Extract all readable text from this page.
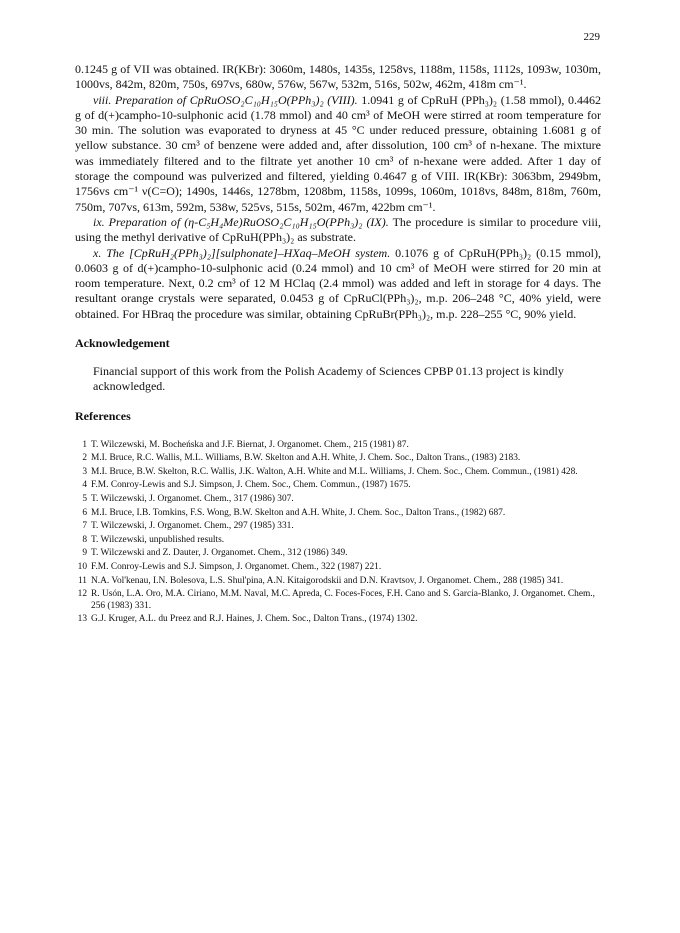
229

0.1245 g of VII was obtained. IR(KBr): 3060m, 1480s, 1435s, 1258vs, 1188m, 1158s, 1112s, 1093w, 1030m, 1000vs, 842m, 820m, 750s, 697vs, 680w, 576w, 567w, 532m, 516s, 502w, 462m, 418m cm⁻¹.

viii. Preparation of CpRuOSO₂C₁₀H₁₅O(PPh₃)₂ (VIII). 1.0941 g of CpRuH (PPh₃)₂ (1.58 mmol), 0.4462 g of d(+)campho-10-sulphonic acid (1.78 mmol) and 40 cm³ of MeOH were stirred at room temperature for 30 min. The solution was evaporated to dryness at 45 °C under reduced pressure, obtaining 1.6081 g of yellow substance. 30 cm³ of benzene were added and, after dissolution, 100 cm³ of n-hexane. The mixture was immediately filtered and to the filtrate yet another 10 cm³ of n-hexane were added. After 1 day of storage the compound was pulverized and filtered, yielding 0.4647 g of VIII. IR(KBr): 3063bm, 2949bm, 1756vs cm⁻¹ ν(C=O); 1490s, 1446s, 1278bm, 1208bm, 1158s, 1099s, 1060m, 1018vs, 848m, 818m, 760m, 750m, 707vs, 613m, 592m, 538w, 525vs, 515s, 502m, 467m, 422bm cm⁻¹.

ix. Preparation of (η-C₅H₄Me)RuOSO₂C₁₀H₁₅O(PPh₃)₂ (IX). The procedure is similar to procedure viii, using the methyl derivative of CpRuH(PPh₃)₂ as substrate.

x. The [CpRuH₂(PPh₃)₂][sulphonate]–HXaq–MeOH system. 0.1076 g of CpRuH(PPh₃)₂ (0.15 mmol), 0.0603 g of d(+)campho-10-sulphonic acid (0.24 mmol) and 10 cm³ of MeOH were stirred for 20 min at room temperature. Next, 0.2 cm³ of 12 M HClaq (2.4 mmol) was added and left in storage for 4 days. The resultant orange crystals were separated, 0.0453 g of CpRuCl(PPh₃)₂, m.p. 206–248 °C, 40% yield, were obtained. For HBraq the procedure was similar, obtaining CpRuBr(PPh₃)₂, m.p. 228–255 °C, 90% yield.

Acknowledgement
Financial support of this work from the Polish Academy of Sciences CPBP 01.13 project is kindly acknowledged.
References
1 T. Wilczewski, M. Bocheńska and J.F. Biernat, J. Organomet. Chem., 215 (1981) 87.
2 M.I. Bruce, R.C. Wallis, M.L. Williams, B.W. Skelton and A.H. White, J. Chem. Soc., Dalton Trans., (1983) 2183.
3 M.I. Bruce, B.W. Skelton, R.C. Wallis, J.K. Walton, A.H. White and M.L. Williams, J. Chem. Soc., Chem. Commun., (1981) 428.
4 F.M. Conroy-Lewis and S.J. Simpson, J. Chem. Soc., Chem. Commun., (1987) 1675.
5 T. Wilczewski, J. Organomet. Chem., 317 (1986) 307.
6 M.I. Bruce, I.B. Tomkins, F.S. Wong, B.W. Skelton and A.H. White, J. Chem. Soc., Dalton Trans., (1982) 687.
7 T. Wilczewski, J. Organomet. Chem., 297 (1985) 331.
8 T. Wilczewski, unpublished results.
9 T. Wilczewski and Z. Dauter, J. Organomet. Chem., 312 (1986) 349.
10 F.M. Conroy-Lewis and S.J. Simpson, J. Organomet. Chem., 322 (1987) 221.
11 N.A. Vol'kenau, I.N. Bolesova, L.S. Shul'pina, A.N. Kitaigorodskii and D.N. Kravtsov, J. Organomet. Chem., 288 (1985) 341.
12 R. Usón, L.A. Oro, M.A. Ciriano, M.M. Naval, M.C. Apreda, C. Foces-Foces, F.H. Cano and S. Garcia-Blanko, J. Organomet. Chem., 256 (1983) 331.
13 G.J. Kruger, A.L. du Preez and R.J. Haines, J. Chem. Soc., Dalton Trans., (1974) 1302.
